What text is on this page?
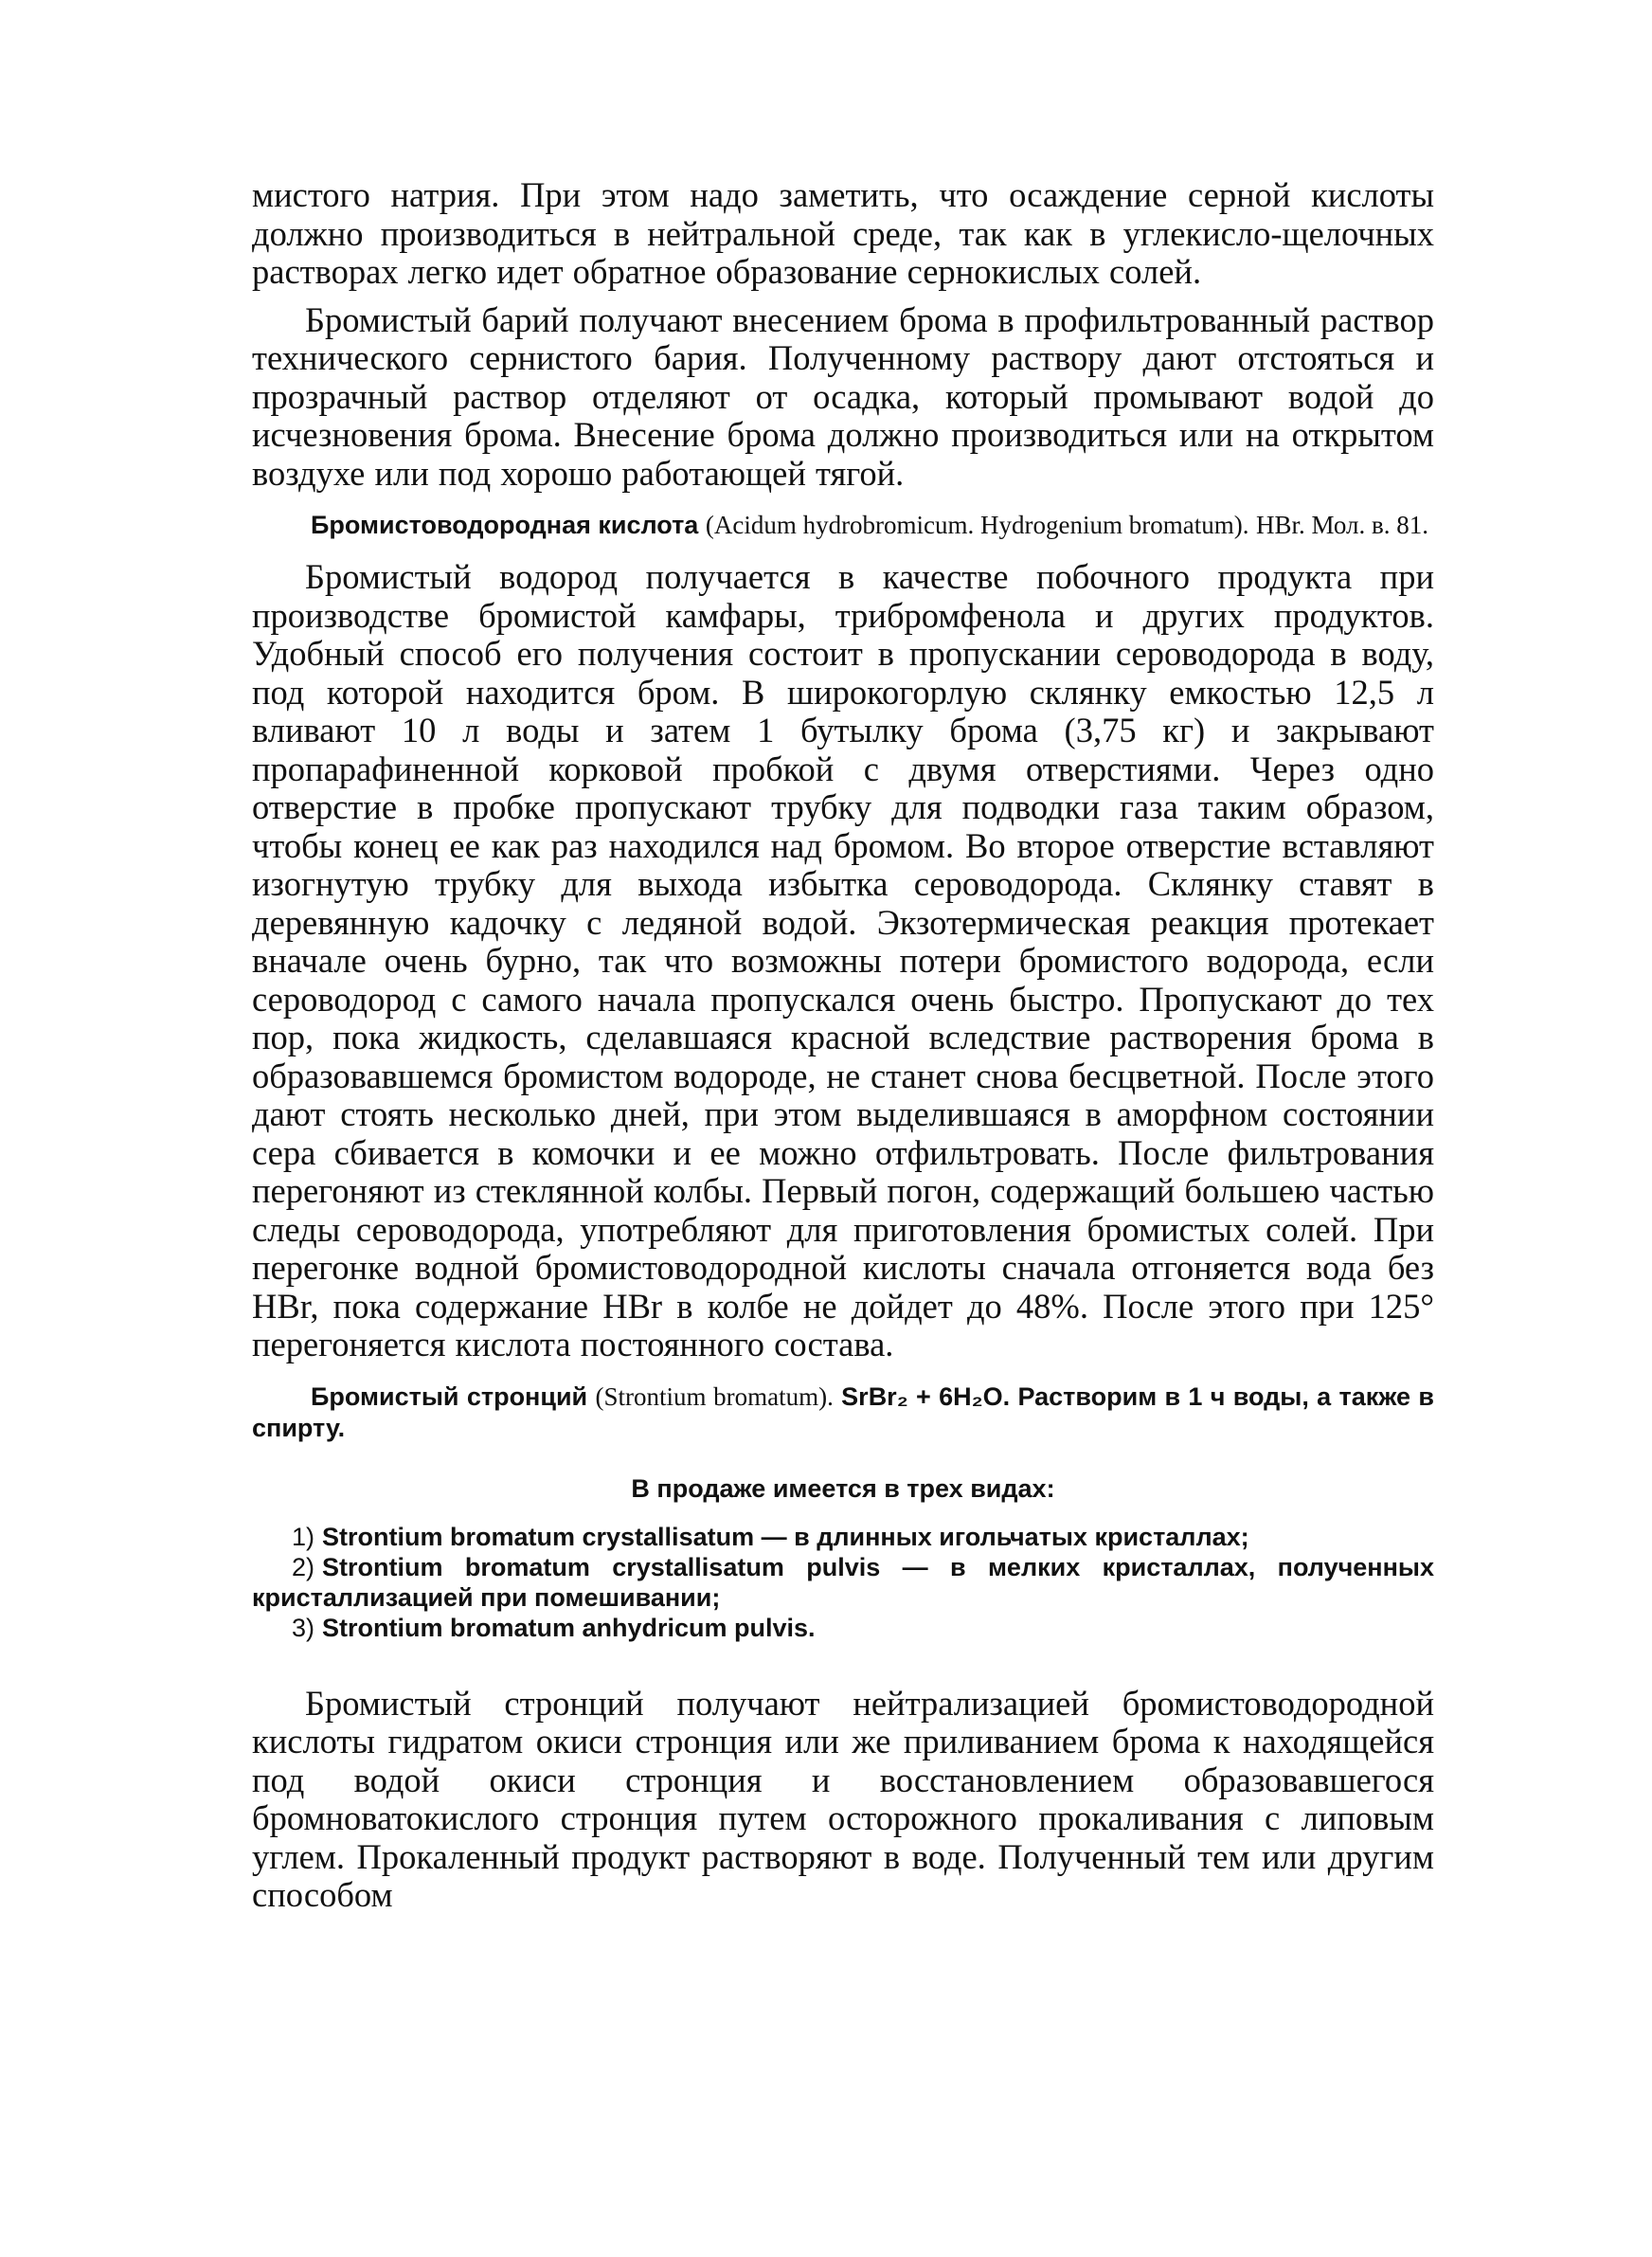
мистого натрия. При этом надо заметить, что осаждение серной кислоты должно производиться в нейтральной среде, так как в углекисло-щелочных растворах легко идет обратное образование сернокислых солей.

Бромистый барий получают внесением брома в профильтрованный раствор технического сернистого бария. Полученному раствору дают отстояться и прозрачный раствор отделяют от осадка, который промывают водой до исчезновения брома. Внесение брома должно производиться или на открытом воздухе или под хорошо работающей тягой.

Бромистоводородная кислота (Acidum hydrobromicum. Hydrogenium bromatum). HBr. Мол. в. 81.

Бромистый водород получается в качестве побочного продукта при производстве бромистой камфары, трибромфенола и других продуктов. Удобный способ его получения состоит в пропускании сероводорода в воду, под которой находится бром. В широкогорлую склянку емкостью 12,5 л вливают 10 л воды и затем 1 бутылку брома (3,75 кг) и закрывают пропарафиненной корковой пробкой с двумя отверстиями. Через одно отверстие в пробке пропускают трубку для подводки газа таким образом, чтобы конец ее как раз находился над бромом. Во второе отверстие вставляют изогнутую трубку для выхода избытка сероводорода. Склянку ставят в деревянную кадочку с ледяной водой. Экзотермическая реакция протекает вначале очень бурно, так что возможны потери бромистого водорода, если сероводород с самого начала пропускался очень быстро. Пропускают до тех пор, пока жидкость, сделавшаяся красной вследствие растворения брома в образовавшемся бромистом водороде, не станет снова бесцветной. После этого дают стоять несколько дней, при этом выделившаяся в аморфном состоянии сера сбивается в комочки и ее можно отфильтровать. После фильтрования перегоняют из стеклянной колбы. Первый погон, содержащий большею частью следы сероводорода, употребляют для приготовления бромистых солей. При перегонке водной бромистоводородной кислоты сначала отгоняется вода без HBr, пока содержание HBr в колбе не дойдет до 48%. После этого при 125° перегоняется кислота постоянного состава.

Бромистый стронций (Strontium bromatum). SrBr₂ + 6H₂O. Растворим в 1 ч воды, а также в спирту.

В продаже имеется в трех видах:

1) Strontium bromatum crystallisatum — в длинных игольчатых кристаллах;
2) Strontium bromatum crystallisatum pulvis — в мелких кристаллах, полученных кристаллизацией при помешивании;
3) Strontium bromatum anhydricum pulvis.

Бромистый стронций получают нейтрализацией бромистоводородной кислоты гидратом окиси стронция или же приливанием брома к находящейся под водой окиси стронция и восстановлением образовавшегося бромноватокислого стронция путем осторожного прокаливания с липовым углем. Прокаленный продукт растворяют в воде. Полученный тем или другим способом
